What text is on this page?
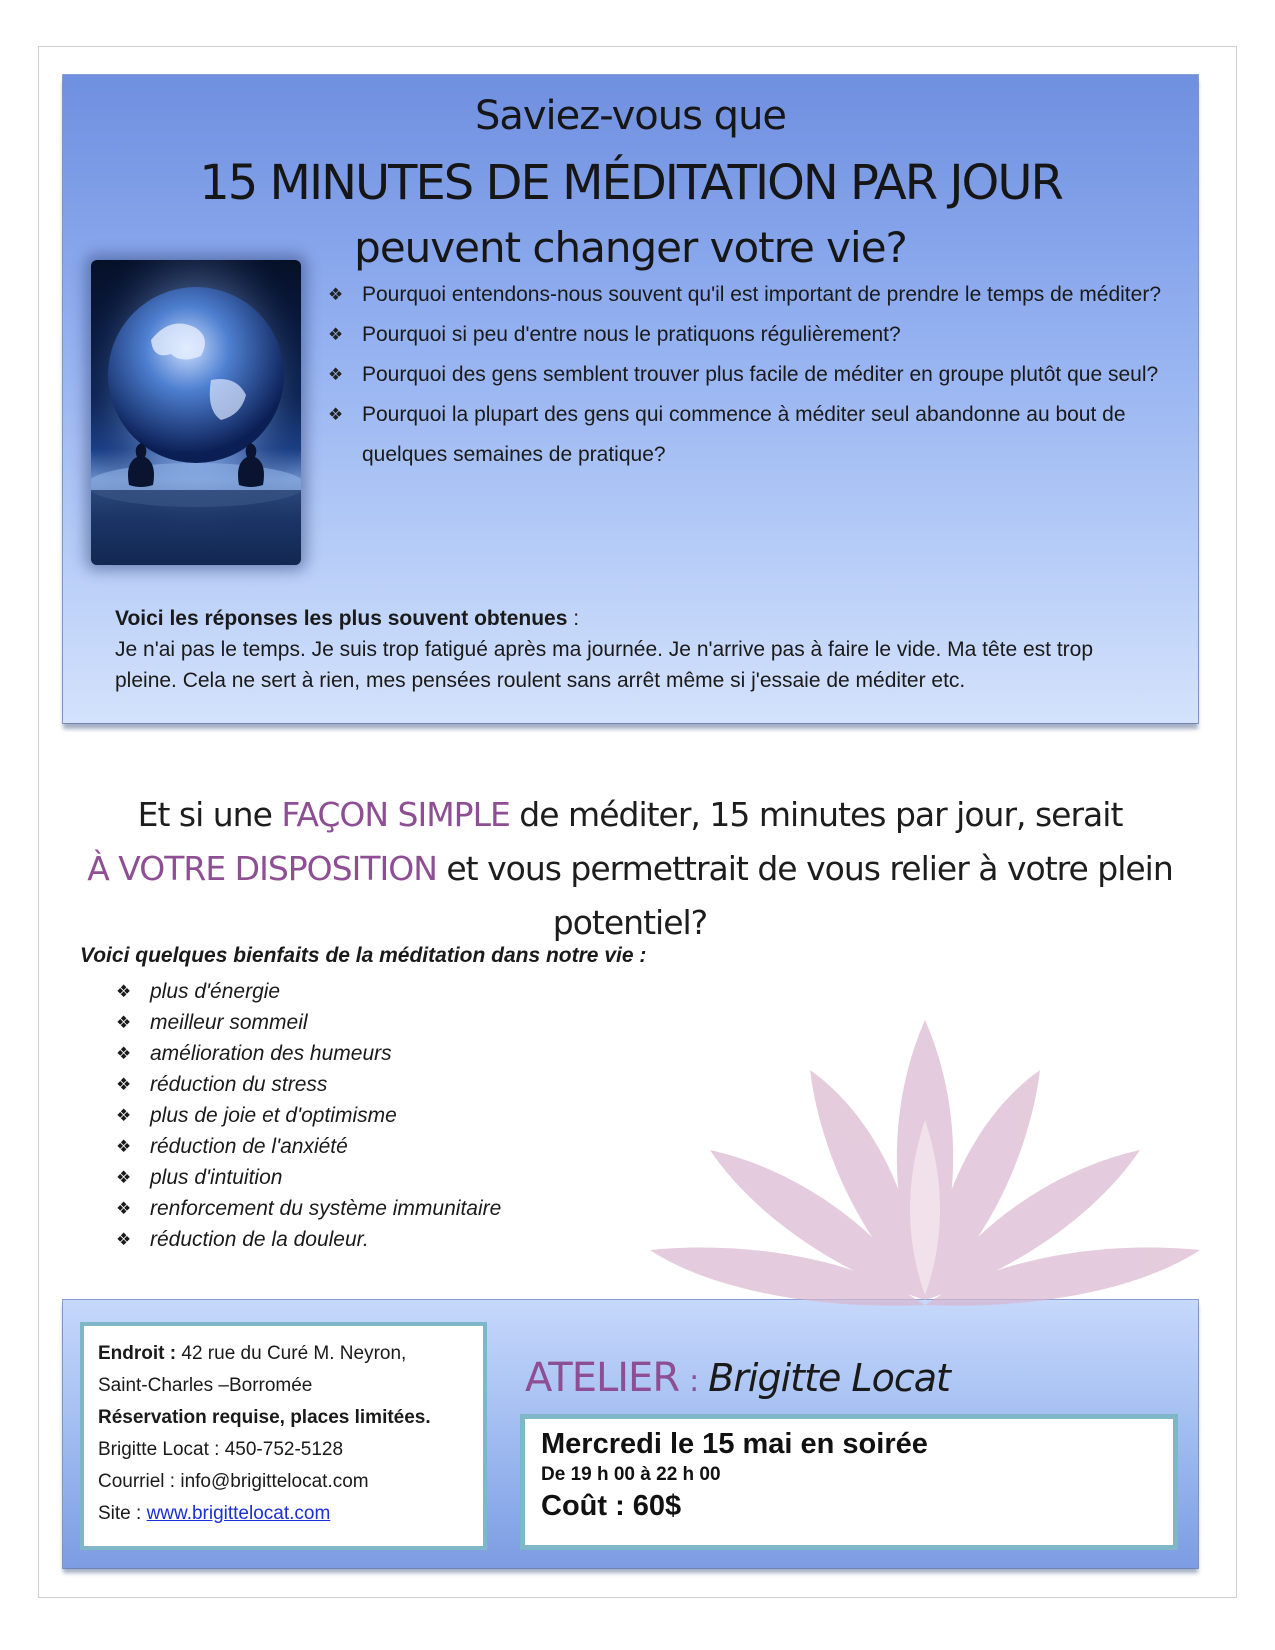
Saviez-vous que

15 MINUTES DE MÉDITATION PAR JOUR

peuvent changer votre vie?

❖ Pourquoi entendons-nous souvent qu'il est important de prendre le temps de méditer?
❖ Pourquoi si peu d'entre nous le pratiquons régulièrement?
❖ Pourquoi des gens semblent trouver plus facile de méditer en groupe plutôt que seul?
❖ Pourquoi la plupart des gens qui commence à méditer seul abandonne au bout de quelques semaines de pratique?
Voici les réponses les plus souvent obtenues :
Je n'ai pas le temps. Je suis trop fatigué après ma journée. Je n'arrive pas à faire le vide. Ma tête est trop pleine. Cela ne sert à rien, mes pensées roulent sans arrêt même si j'essaie de méditer etc.
Et si une FAÇON SIMPLE de méditer, 15 minutes par jour, serait
À VOTRE DISPOSITION et vous permettrait de vous relier à votre plein potentiel?
Voici quelques bienfaits de la méditation dans notre vie :
❖ plus d'énergie
❖ meilleur sommeil
❖ amélioration des humeurs
❖ réduction du stress
❖ plus de joie et d'optimisme
❖ réduction de l'anxiété
❖ plus d'intuition
❖ renforcement du système immunitaire
❖ réduction de la douleur.
Endroit : 42 rue du Curé M. Neyron,
Saint-Charles –Borromée
Réservation requise, places limitées.
Brigitte Locat : 450-752-5128
Courriel : info@brigittelocat.com
Site : www.brigittelocat.com
ATELIER : Brigitte Locat
Mercredi le 15 mai en soirée
De 19 h 00 à 22 h 00
Coût : 60$
